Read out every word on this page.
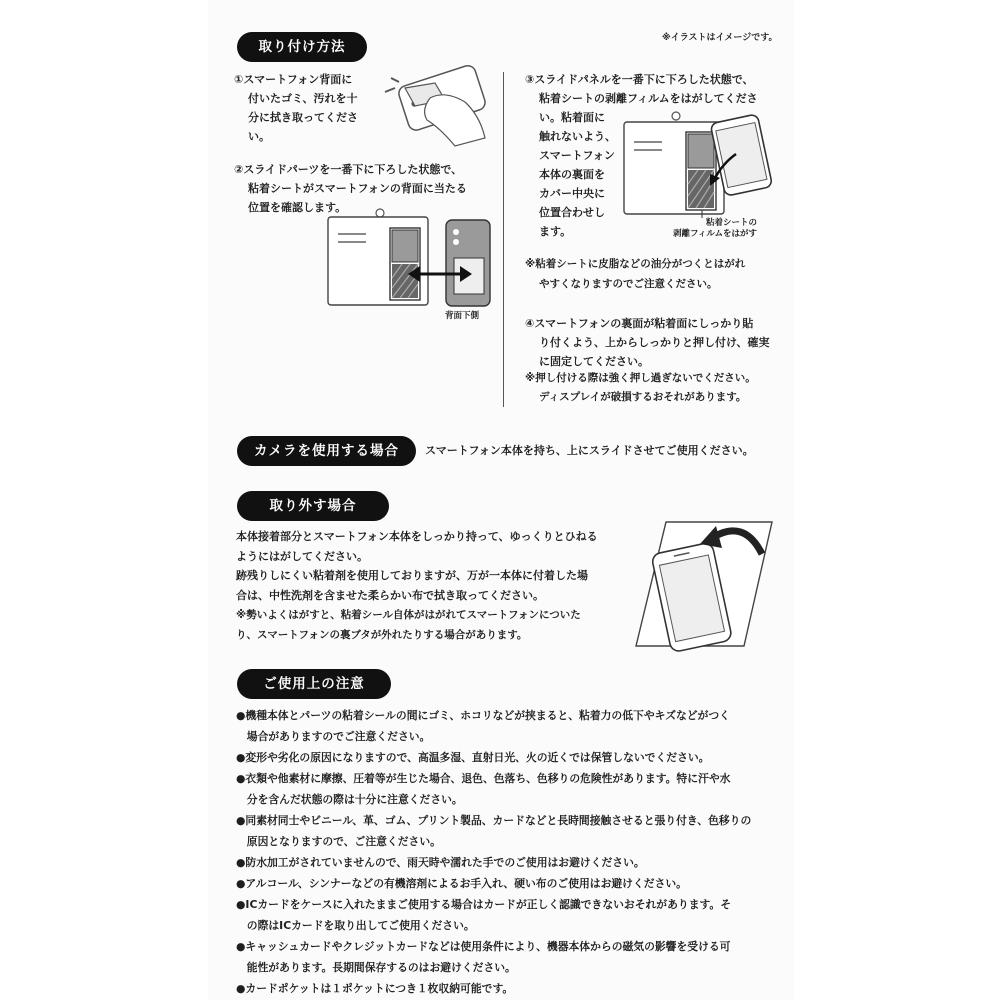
※イラストはイメージです。
取り付け方法
①スマートフォン背面に
付いたゴミ、汚れを十
分に拭き取ってくださ
い。
②スライドパーツを一番下に下ろした状態で、
粘着シートがスマートフォンの背面に当たる
位置を確認します。
背面下側
③スライドパネルを一番下に下ろした状態で、
粘着シートの剥離フィルムをはがしてくださ
い。粘着面に
触れないよう、
スマートフォン
本体の裏面を
カバー中央に
位置合わせし
ます。
粘着シートの
剥離フィルムをはがす
※粘着シートに皮脂などの油分がつくとはがれ
やすくなりますのでご注意ください。
④スマートフォンの裏面が粘着面にしっかり貼
り付くよう、上からしっかりと押し付け、確実
に固定してください。
※押し付ける際は強く押し過ぎないでください。
ディスプレイが破損するおそれがあります。
カメラを使用する場合	スマートフォン本体を持ち、上にスライドさせてご使用ください。
取り外す場合
本体接着部分とスマートフォン本体をしっかり持って、ゆっくりとひねる
ようにはがしてください。
跡残りしにくい粘着剤を使用しておりますが、万が一本体に付着した場
合は、中性洗剤を含ませた柔らかい布で拭き取ってください。
※勢いよくはがすと、粘着シール自体がはがれてスマートフォンについた
り、スマートフォンの裏ブタが外れたりする場合があります。
ご使用上の注意
●機種本体とパーツの粘着シールの間にゴミ、ホコリなどが挟まると、粘着力の低下やキズなどがつく
　場合がありますのでご注意ください。
●変形や劣化の原因になりますので、高温多湿、直射日光、火の近くでは保管しないでください。
●衣類や他素材に摩擦、圧着等が生じた場合、退色、色落ち、色移りの危険性があります。特に汗や水
　分を含んだ状態の際は十分に注意ください。
●同素材同士やビニール、革、ゴム、プリント製品、カードなどと長時間接触させると張り付き、色移りの
　原因となりますので、ご注意ください。
●防水加工がされていませんので、雨天時や濡れた手でのご使用はお避けください。
●アルコール、シンナーなどの有機溶剤によるお手入れ、硬い布のご使用はお避けください。
●ICカードをケースに入れたままご使用する場合はカードが正しく認識できないおそれがあります。そ
　の際はICカードを取り出してご使用ください。
●キャッシュカードやクレジットカードなどは使用条件により、機器本体からの磁気の影響を受ける可
　能性があります。長期間保存するのはお避けください。
●カードポケットは１ポケットにつき１枚収納可能です。
